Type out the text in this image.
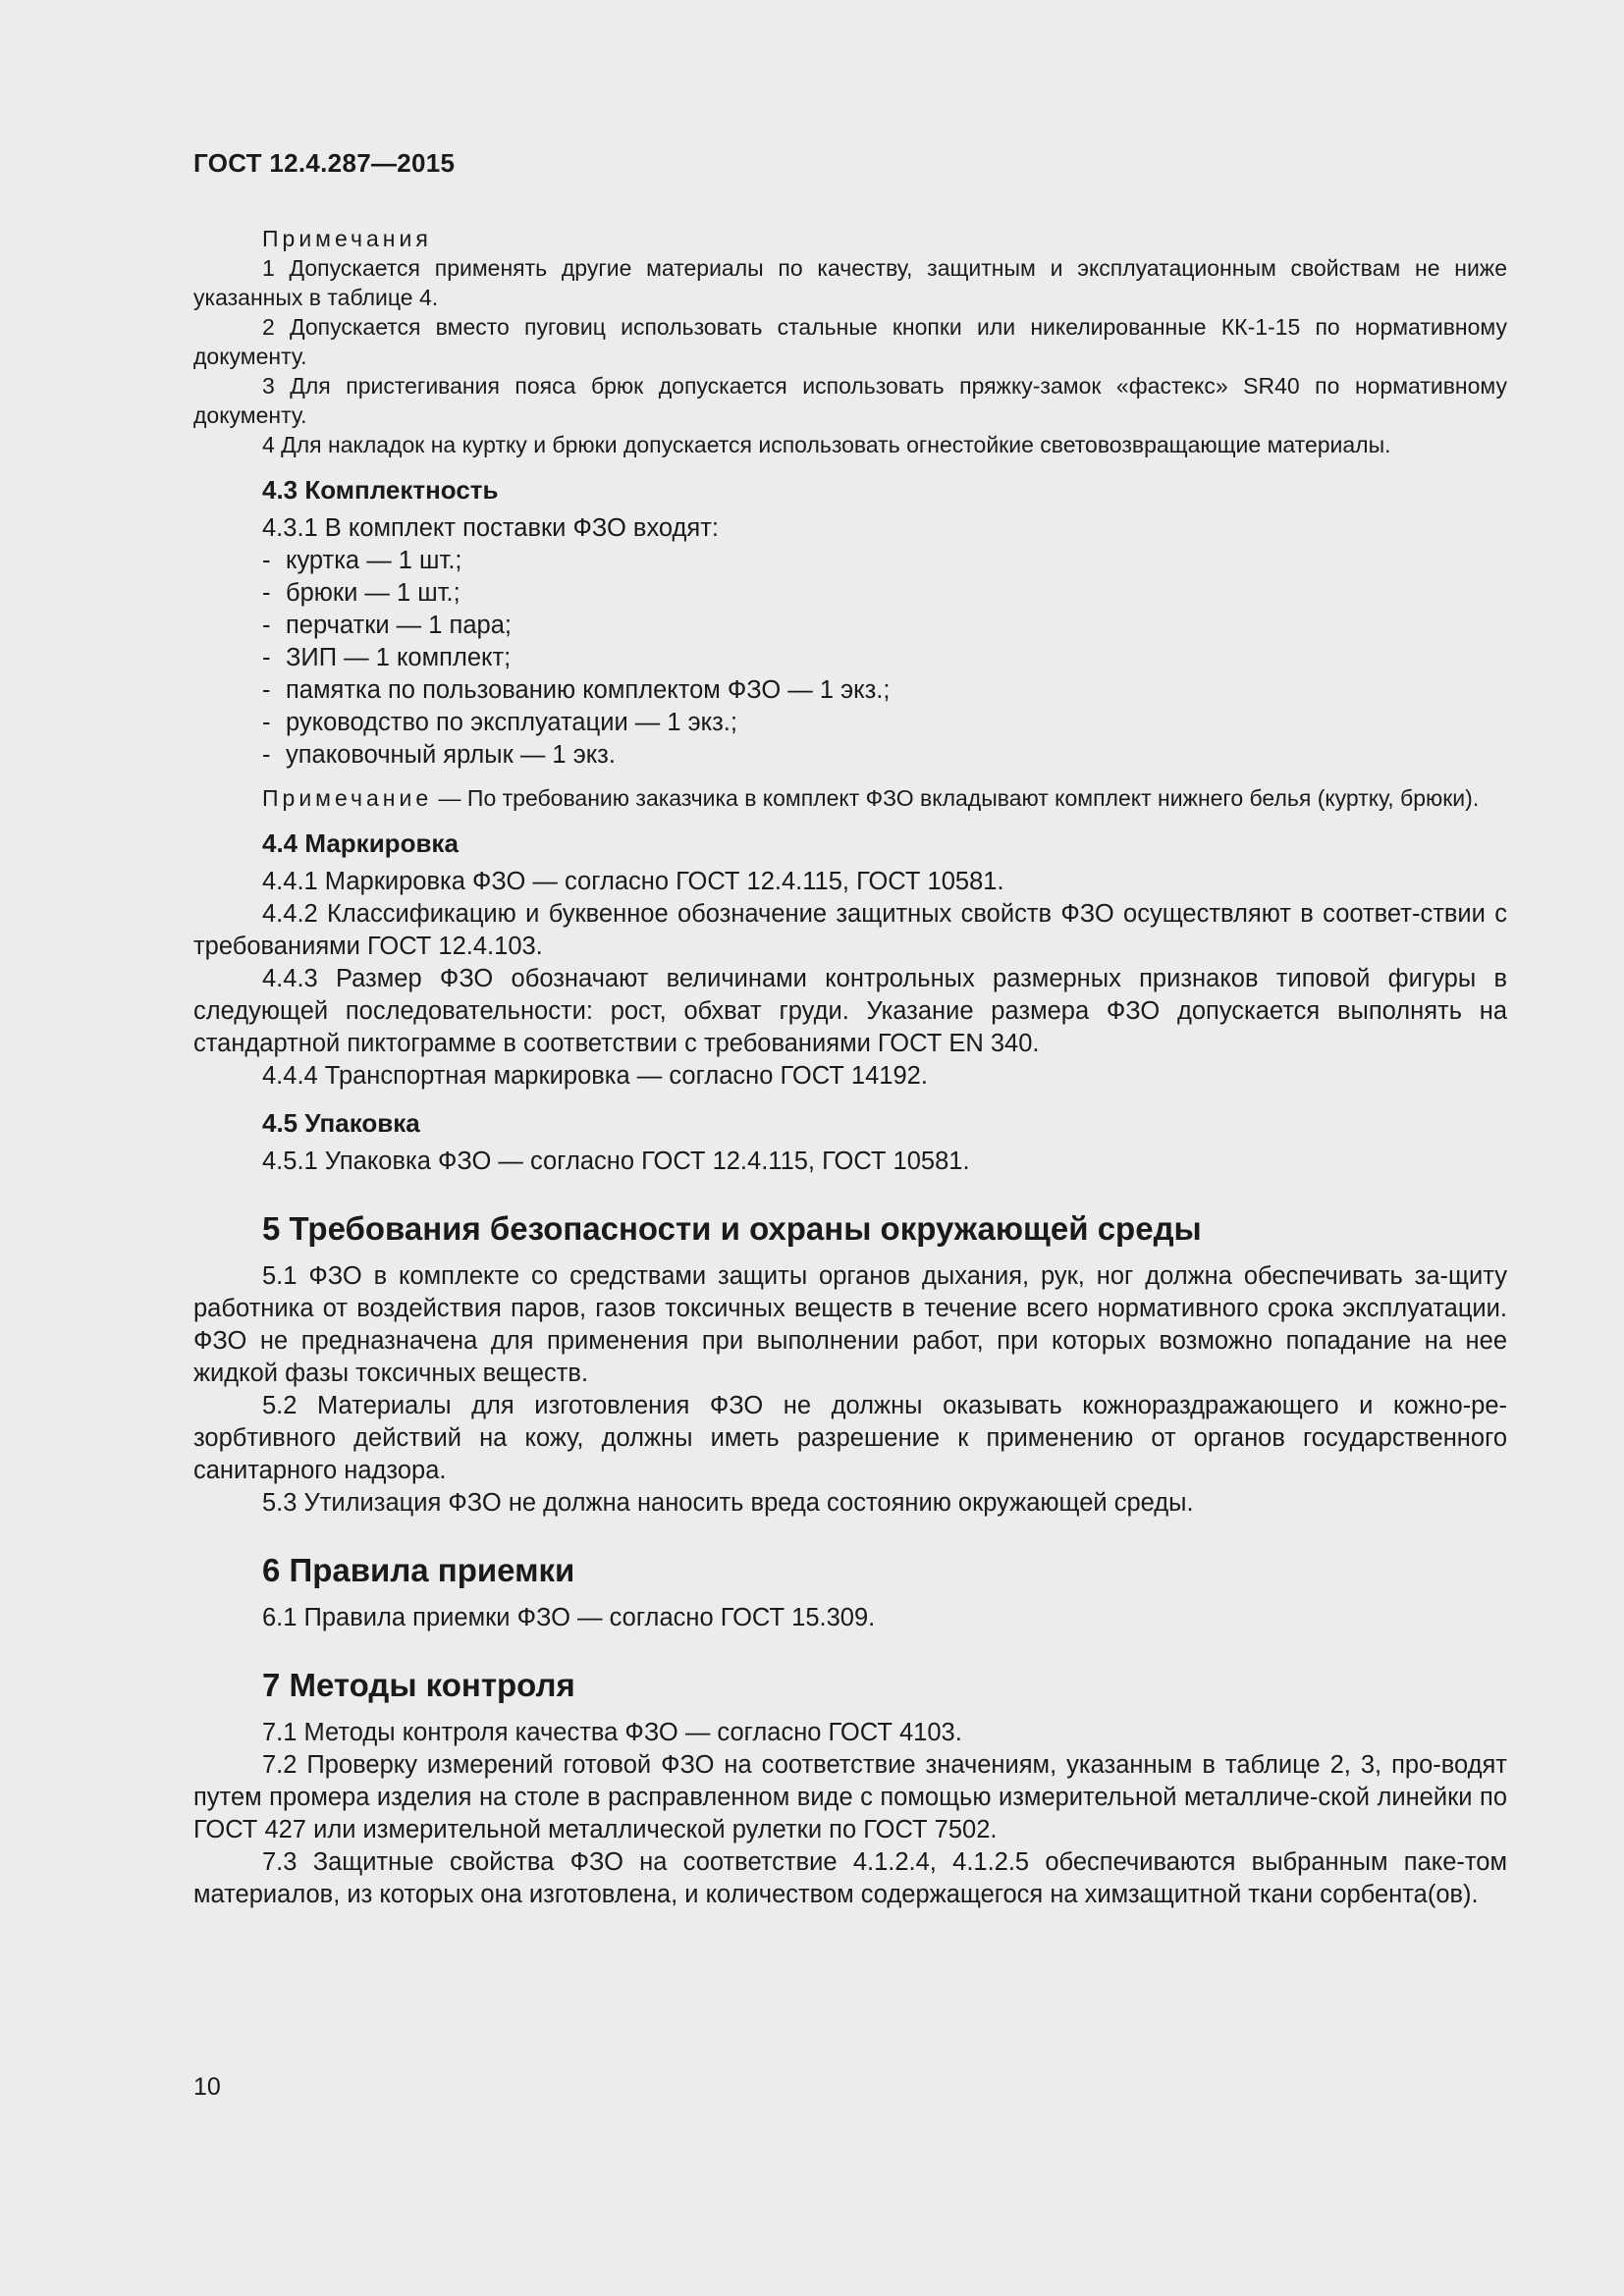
ГОСТ 12.4.287—2015

Примечания

1 Допускается применять другие материалы по качеству, защитным и эксплуатационным свойствам не ниже указанных в таблице 4.

2 Допускается вместо пуговиц использовать стальные кнопки или никелированные КК-1-15 по нормативному документу.

3 Для пристегивания пояса брюк допускается использовать пряжку-замок «фастекс» SR40 по нормативному документу.

4 Для накладок на куртку и брюки допускается использовать огнестойкие световозвращающие материалы.

4.3 Комплектность

4.3.1 В комплект поставки ФЗО входят:

- куртка — 1 шт.;
- брюки — 1 шт.;
- перчатки — 1 пара;
- ЗИП — 1 комплект;
- памятка по пользованию комплектом ФЗО — 1 экз.;
- руководство по эксплуатации — 1 экз.;
- упаковочный ярлык — 1 экз.

Примечание — По требованию заказчика в комплект ФЗО вкладывают комплект нижнего белья (куртку, брюки).

4.4 Маркировка

4.4.1 Маркировка ФЗО — согласно ГОСТ 12.4.115, ГОСТ 10581.

4.4.2 Классификацию и буквенное обозначение защитных свойств ФЗО осуществляют в соответ-ствии с требованиями ГОСТ 12.4.103.

4.4.3 Размер ФЗО обозначают величинами контрольных размерных признаков типовой фигуры в следующей последовательности: рост, обхват груди. Указание размера ФЗО допускается выполнять на стандартной пиктограмме в соответствии с требованиями ГОСТ EN 340.

4.4.4 Транспортная маркировка — согласно ГОСТ 14192.

4.5 Упаковка

4.5.1 Упаковка ФЗО — согласно ГОСТ 12.4.115, ГОСТ 10581.

5 Требования безопасности и охраны окружающей среды

5.1 ФЗО в комплекте со средствами защиты органов дыхания, рук, ног должна обеспечивать за-щиту работника от воздействия паров, газов токсичных веществ в течение всего нормативного срока эксплуатации. ФЗО не предназначена для применения при выполнении работ, при которых возможно попадание на нее жидкой фазы токсичных веществ.

5.2 Материалы для изготовления ФЗО не должны оказывать кожнораздражающего и кожно-ре-зорбтивного действий на кожу, должны иметь разрешение к применению от органов государственного санитарного надзора.

5.3 Утилизация ФЗО не должна наносить вреда состоянию окружающей среды.

6 Правила приемки

6.1 Правила приемки ФЗО — согласно ГОСТ 15.309.

7 Методы контроля

7.1 Методы контроля качества ФЗО — согласно ГОСТ 4103.

7.2 Проверку измерений готовой ФЗО на соответствие значениям, указанным в таблице 2, 3, про-водят путем промера изделия на столе в расправленном виде с помощью измерительной металличе-ской линейки по ГОСТ 427 или измерительной металлической рулетки по ГОСТ 7502.

7.3 Защитные свойства ФЗО на соответствие 4.1.2.4, 4.1.2.5 обеспечиваются выбранным паке-том материалов, из которых она изготовлена, и количеством содержащегося на химзащитной ткани сорбента(ов).

10
